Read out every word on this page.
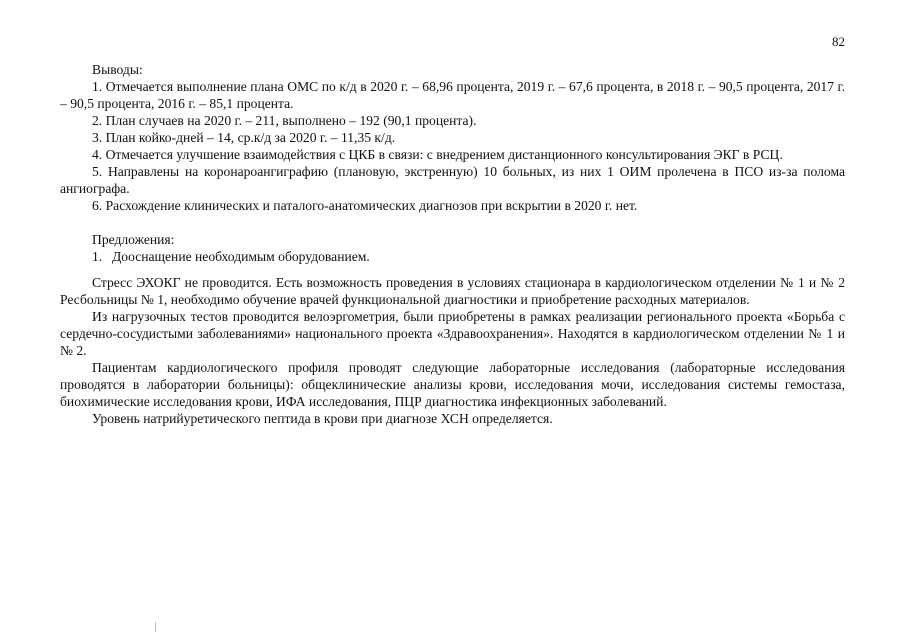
82

Выводы:

1. Отмечается выполнение плана ОМС по к/д в 2020 г. – 68,96 процента, 2019 г. – 67,6 процента, в 2018 г. – 90,5 процента, 2017 г. – 90,5 процента, 2016 г. – 85,1 процента.

2. План случаев на 2020 г. – 211, выполнено – 192 (90,1 процента).

3. План койко-дней – 14, ср.к/д за 2020 г. – 11,35 к/д.

4. Отмечается улучшение взаимодействия с ЦКБ в связи: с внедрением дистанционного консультирования ЭКГ в РСЦ.

5. Направлены на коронароангиграфию (плановую, экстренную) 10 больных, из них 1 ОИМ пролечена в ПСО из-за полома ангиографа.

6. Расхождение клинических и паталого-анатомических диагнозов при вскрытии в 2020 г. нет.

Предложения:

1. Дооснащение необходимым оборудованием.

Стресс ЭХОКГ не проводится. Есть возможность проведения в условиях стационара в кардиологическом отделении № 1 и № 2 Ресбольницы № 1, необходимо обучение врачей функциональной диагностики и приобретение расходных материалов.

Из нагрузочных тестов проводится велоэргометрия, были приобретены в рамках реализации регионального проекта «Борьба с сердечно-сосудистыми заболеваниями» национального проекта «Здравоохранения». Находятся в кардиологическом отделении № 1 и № 2.

Пациентам кардиологического профиля проводят следующие лабораторные исследования (лабораторные исследования проводятся в лаборатории больницы): общеклинические анализы крови, исследования мочи, исследования системы гемостаза, биохимические исследования крови, ИФА исследования, ПЦР диагностика инфекционных заболеваний.

Уровень натрийуретического пептида в крови при диагнозе ХСН определяется.
